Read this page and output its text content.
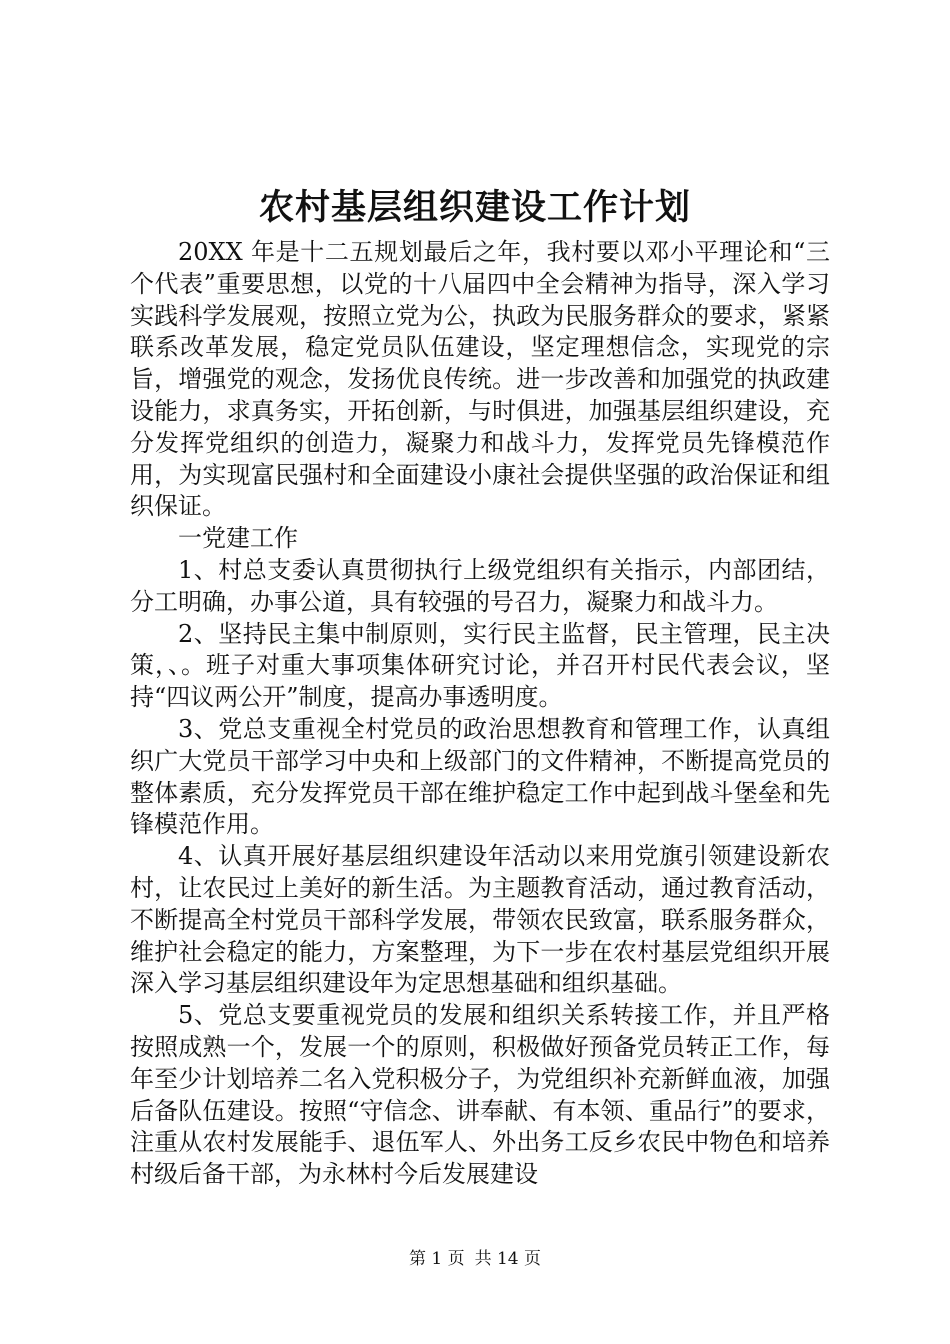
农村基层组织建设工作计划

20XX 年是十二五规划最后之年，我村要以邓小平理论和“三个代表”重要思想，以党的十八届四中全会精神为指导，深入学习实践科学发展观，按照立党为公，执政为民服务群众的要求，紧紧联系改革发展，稳定党员队伍建设，坚定理想信念，实现党的宗旨，增强党的观念，发扬优良传统。进一步改善和加强党的执政建设能力，求真务实，开拓创新，与时俱进，加强基层组织建设，充分发挥党组织的创造力，凝聚力和战斗力，发挥党员先锋模范作用，为实现富民强村和全面建设小康社会提供坚强的政治保证和组织保证。

一党建工作

1、村总支委认真贯彻执行上级党组织有关指示，内部团结，分工明确，办事公道，具有较强的号召力，凝聚力和战斗力。

2、坚持民主集中制原则，实行民主监督，民主管理，民主决策，、。班子对重大事项集体研究讨论，并召开村民代表会议，坚持“四议两公开”制度，提高办事透明度。

3、党总支重视全村党员的政治思想教育和管理工作，认真组织广大党员干部学习中央和上级部门的文件精神，不断提高党员的整体素质，充分发挥党员干部在维护稳定工作中起到战斗堡垒和先锋模范作用。

4、认真开展好基层组织建设年活动以来用党旗引领建设新农村，让农民过上美好的新生活。为主题教育活动，通过教育活动，不断提高全村党员干部科学发展，带领农民致富，联系服务群众，维护社会稳定的能力，方案整理，为下一步在农村基层党组织开展深入学习基层组织建设年为定思想基础和组织基础。

5、党总支要重视党员的发展和组织关系转接工作，并且严格按照成熟一个，发展一个的原则，积极做好预备党员转正工作，每年至少计划培养二名入党积极分子，为党组织补充新鲜血液，加强后备队伍建设。按照“守信念、讲奉献、有本领、重品行”的要求，注重从农村发展能手、退伍军人、外出务工反乡农民中物色和培养村级后备干部，为永林村今后发展建设

第 1 页 共 14 页
